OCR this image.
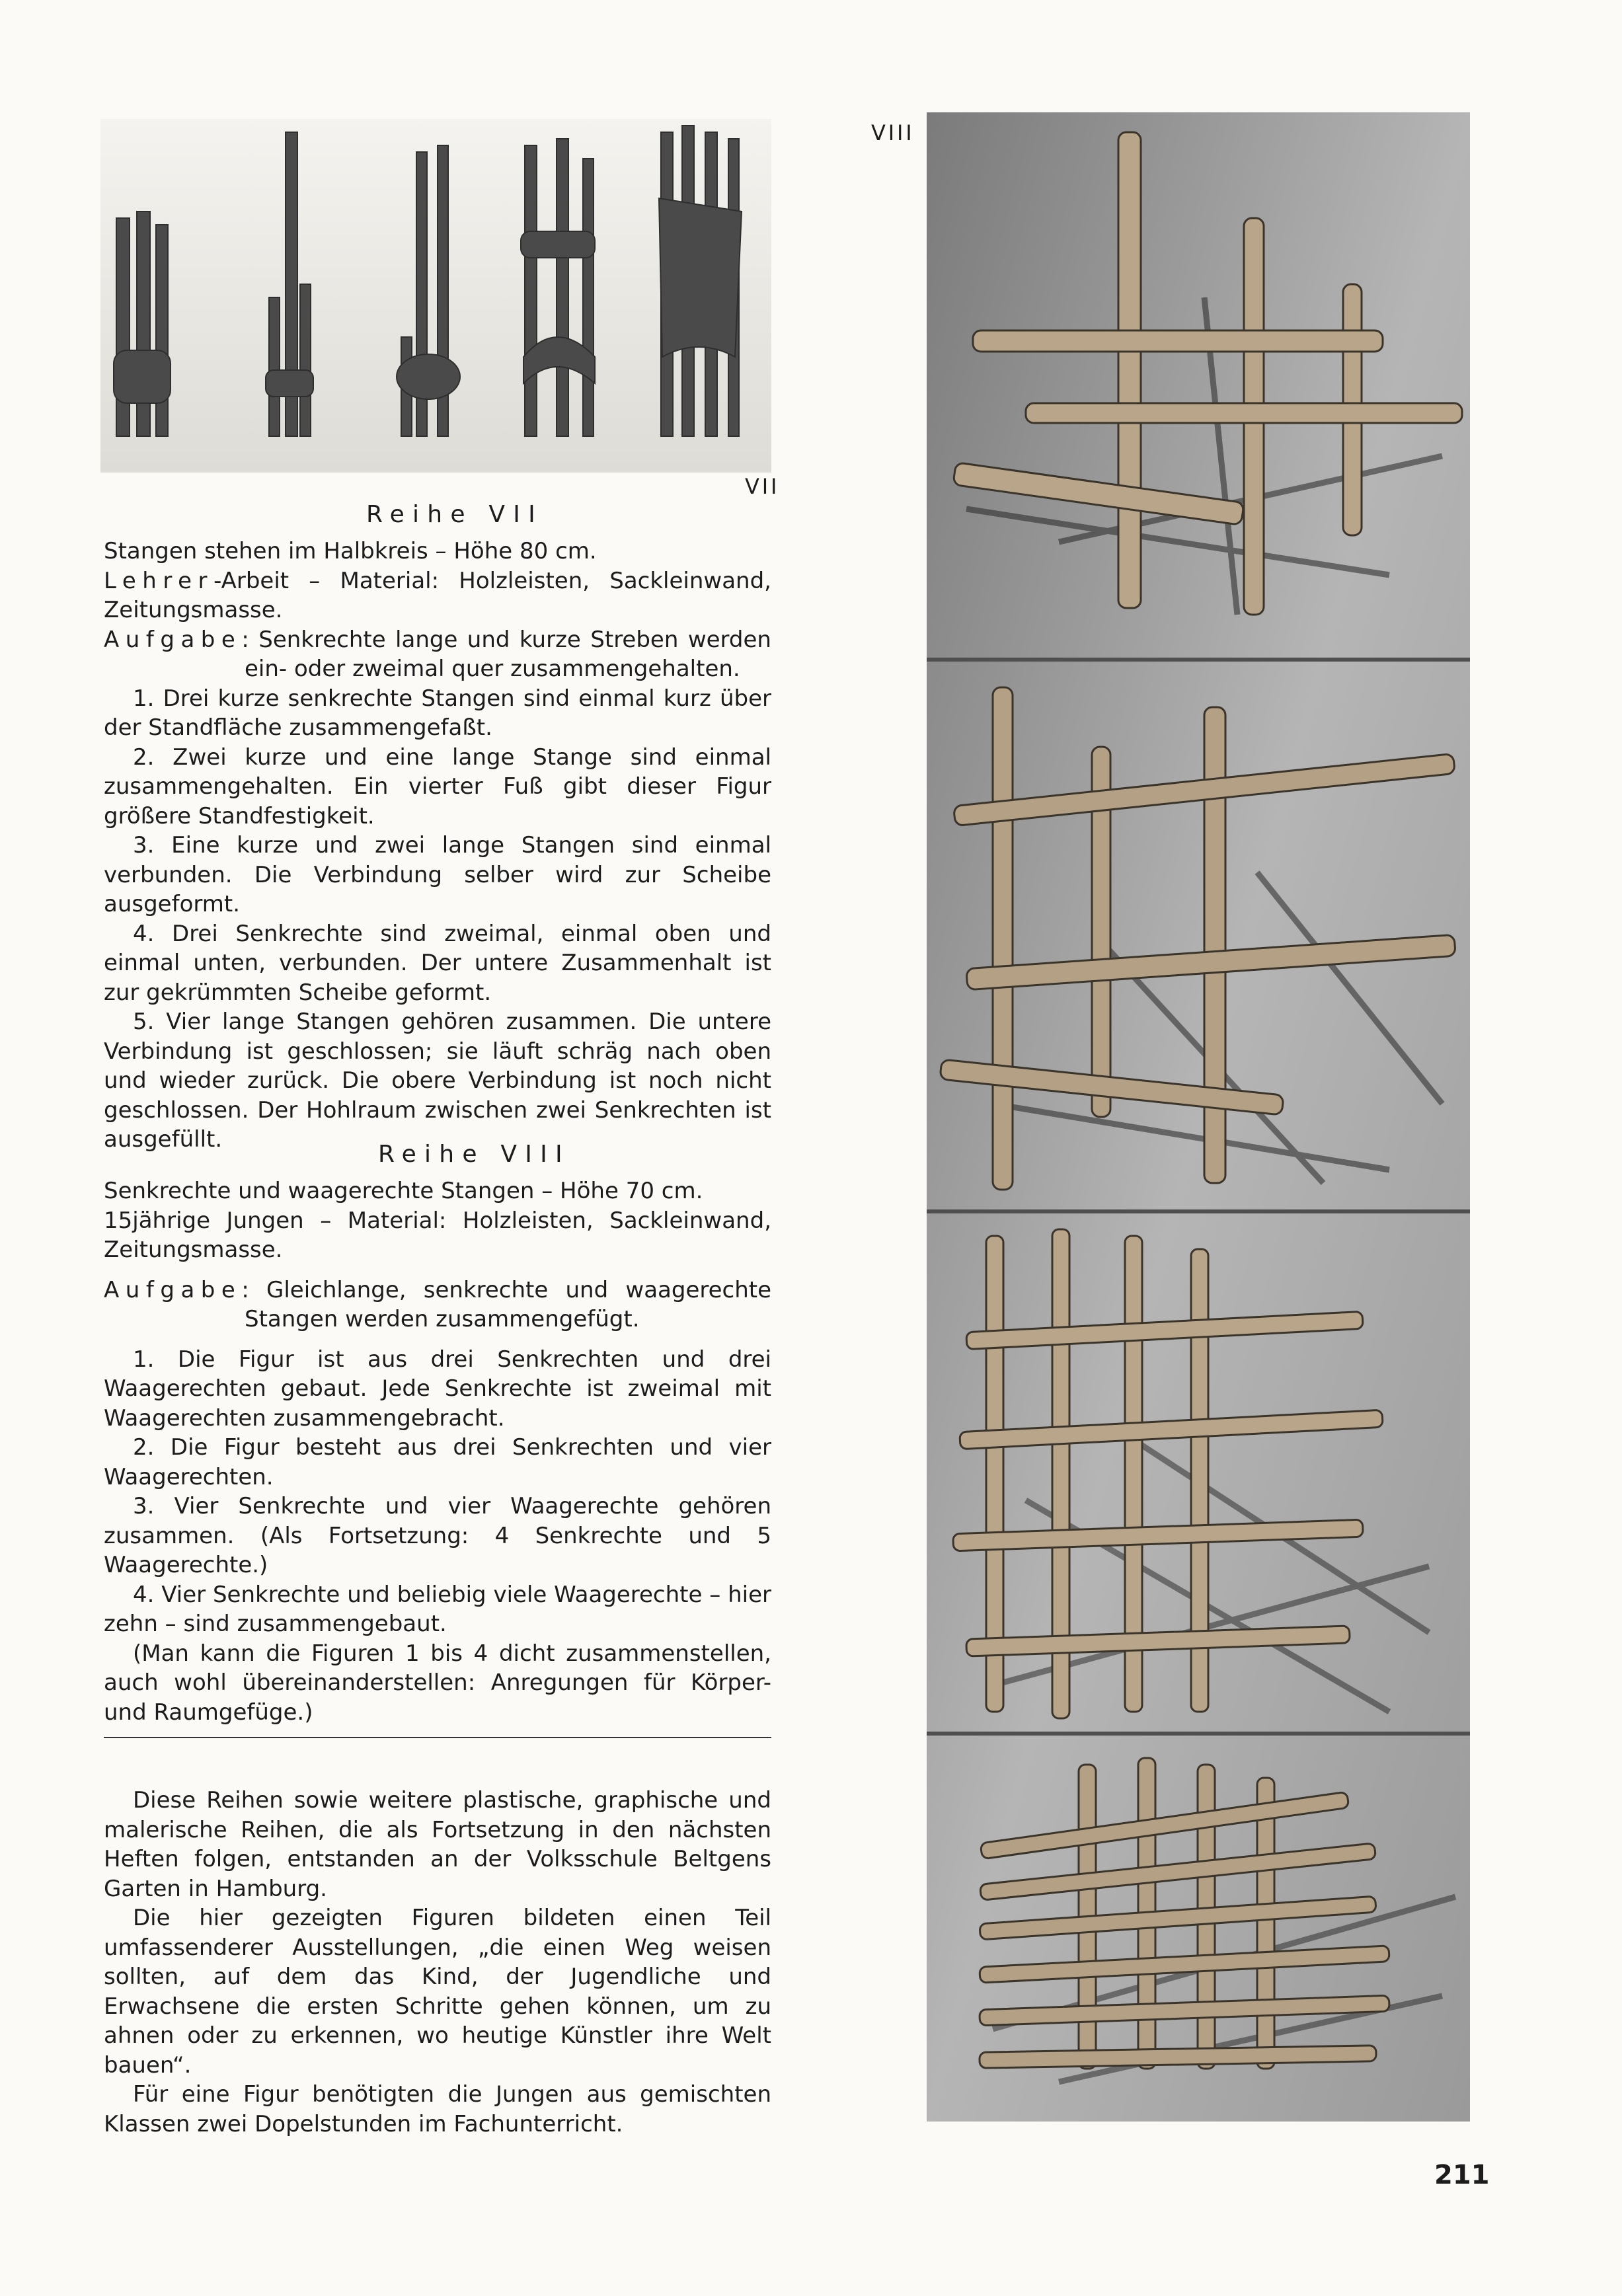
VII
VIII
Reihe VII

Stangen stehen im Halbkreis – Höhe 80 cm.

Lehrer-Arbeit – Material: Holzleisten, Sackleinwand, Zeitungsmasse.

Aufgabe: Senkrechte lange und kurze Streben werden ein- oder zweimal quer zusammengehalten.

1. Drei kurze senkrechte Stangen sind einmal kurz über der Standfläche zusammengefaßt.

2. Zwei kurze und eine lange Stange sind einmal zusammengehalten. Ein vierter Fuß gibt dieser Figur größere Standfestigkeit.

3. Eine kurze und zwei lange Stangen sind einmal verbunden. Die Verbindung selber wird zur Scheibe ausgeformt.

4. Drei Senkrechte sind zweimal, einmal oben und einmal unten, verbunden. Der untere Zusammenhalt ist zur gekrümmten Scheibe geformt.

5. Vier lange Stangen gehören zusammen. Die untere Verbindung ist geschlossen; sie läuft schräg nach oben und wieder zurück. Die obere Verbindung ist noch nicht geschlossen. Der Hohlraum zwischen zwei Senkrechten ist ausgefüllt.

Reihe VIII

Senkrechte und waagerechte Stangen – Höhe 70 cm.

15jährige Jungen – Material: Holzleisten, Sackleinwand, Zeitungsmasse.

Aufgabe: Gleichlange, senkrechte und waagerechte Stangen werden zusammengefügt.

1. Die Figur ist aus drei Senkrechten und drei Waagerechten gebaut. Jede Senkrechte ist zweimal mit Waagerechten zusammengebracht.

2. Die Figur besteht aus drei Senkrechten und vier Waagerechten.

3. Vier Senkrechte und vier Waagerechte gehören zusammen. (Als Fortsetzung: 4 Senkrechte und 5 Waagerechte.)

4. Vier Senkrechte und beliebig viele Waagerechte – hier zehn – sind zusammengebaut.

(Man kann die Figuren 1 bis 4 dicht zusammenstellen, auch wohl übereinanderstellen: Anregungen für Körper- und Raumgefüge.)

Diese Reihen sowie weitere plastische, graphische und malerische Reihen, die als Fortsetzung in den nächsten Heften folgen, entstanden an der Volksschule Beltgens Garten in Hamburg.

Die hier gezeigten Figuren bildeten einen Teil umfassenderer Ausstellungen, „die einen Weg weisen sollten, auf dem das Kind, der Jugendliche und Erwachsene die ersten Schritte gehen können, um zu ahnen oder zu erkennen, wo heutige Künstler ihre Welt bauen“.

Für eine Figur benötigten die Jungen aus gemischten Klassen zwei Dopelstunden im Fachunterricht.

211
